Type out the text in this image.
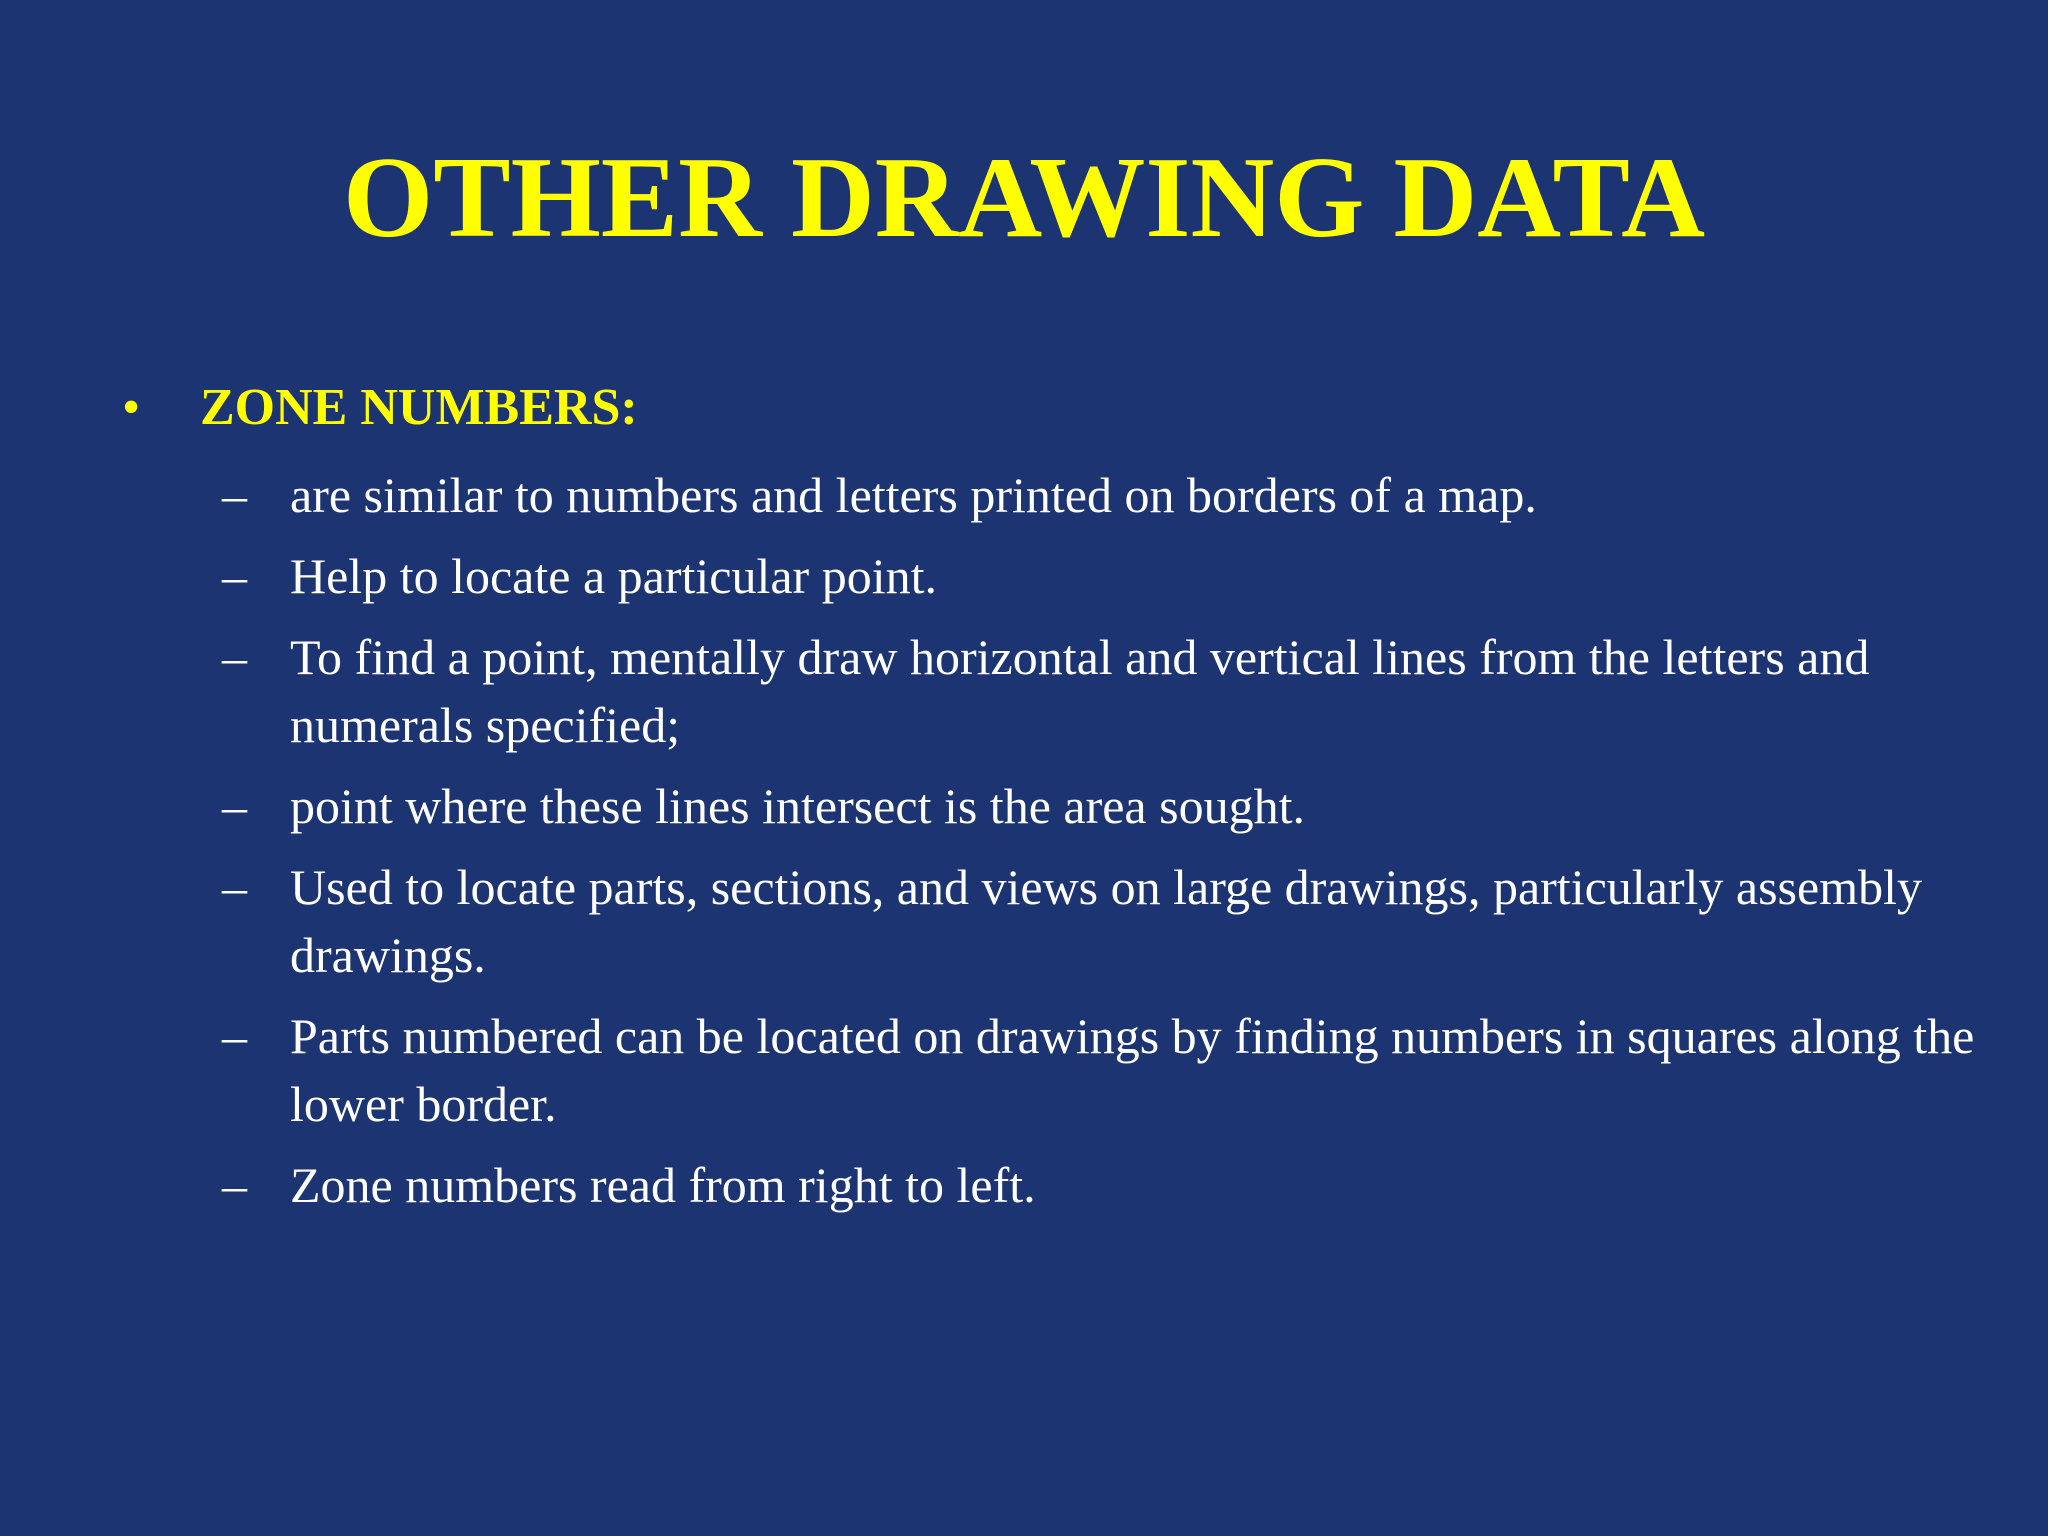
OTHER DRAWING DATA
• ZONE NUMBERS:
– are similar to numbers and letters printed on borders of a map.
– Help to locate a particular point.
– To find a point, mentally draw horizontal and vertical lines from the letters and numerals specified;
– point where these lines intersect is the area sought.
– Used to locate parts, sections, and views on large drawings, particularly assembly drawings.
– Parts numbered can be located on drawings by finding numbers in squares along the lower border.
– Zone numbers read from right to left.
